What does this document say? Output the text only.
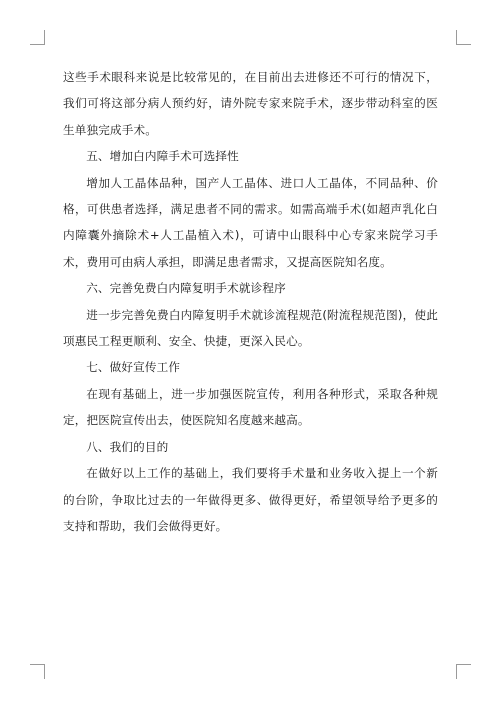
这些手术眼科来说是比较常见的，在目前出去进修还不可行的情况下，我们可将这部分病人预约好，请外院专家来院手术，逐步带动科室的医生单独完成手术。

五、增加白内障手术可选择性

增加人工晶体品种，国产人工晶体、进口人工晶体，不同品种、价格，可供患者选择，满足患者不同的需求。如需高端手术(如超声乳化白内障囊外摘除术+人工晶植入术)，可请中山眼科中心专家来院学习手术，费用可由病人承担，即满足患者需求，又提高医院知名度。

六、完善免费白内障复明手术就诊程序

进一步完善免费白内障复明手术就诊流程规范(附流程规范图)，使此项惠民工程更顺利、安全、快捷，更深入民心。

七、做好宣传工作

在现有基础上，进一步加强医院宣传，利用各种形式，采取各种规定，把医院宣传出去，使医院知名度越来越高。

八、我们的目的

在做好以上工作的基础上，我们要将手术量和业务收入提上一个新的台阶，争取比过去的一年做得更多、做得更好，希望领导给予更多的支持和帮助，我们会做得更好。
